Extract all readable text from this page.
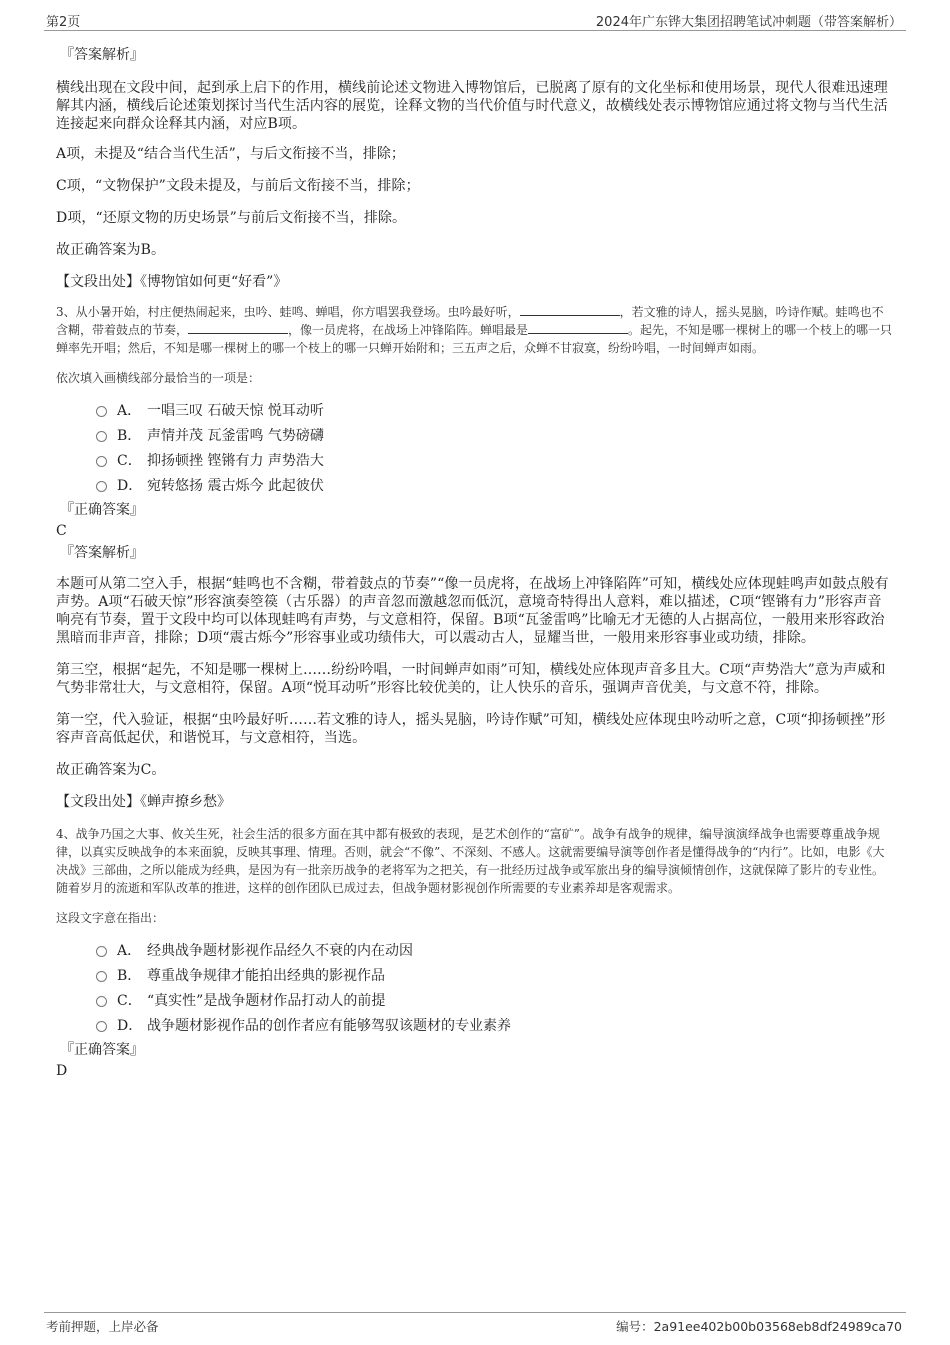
第2页	2024年广东铧大集团招聘笔试冲刺题（带答案解析）
『答案解析』

横线出现在文段中间，起到承上启下的作用，横线前论述文物进入博物馆后，已脱离了原有的文化坐标和使用场景，现代人很难迅速理解其内涵，横线后论述策划探讨当代生活内容的展览，诠释文物的当代价值与时代意义，故横线处表示博物馆应通过将文物与当代生活连接起来向群众诠释其内涵，对应B项。

A项，未提及“结合当代生活”，与后文衔接不当，排除；

C项，“文物保护”文段未提及，与前后文衔接不当，排除；

D项，“还原文物的历史场景”与前后文衔接不当，排除。

故正确答案为B。

【文段出处】《博物馆如何更“好看”》

3、从小暑开始，村庄便热闹起来，虫吟、蛙鸣、蝉唱，你方唱罢我登场。虫吟最好听，	，若文雅的诗人，摇头晃脑，吟诗作赋。蛙鸣也不含糊，带着鼓点的节奏，	，像一员虎将，在战场上冲锋陷阵。蝉唱最是	。起先，不知是哪一棵树上的哪一个枝上的哪一只蝉率先开唱；然后，不知是哪一棵树上的哪一个枝上的哪一只蝉开始附和；三五声之后，众蝉不甘寂寞，纷纷吟唱，一时间蝉声如雨。

依次填入画横线部分最恰当的一项是：

A． 一唱三叹 石破天惊 悦耳动听
B． 声情并茂 瓦釜雷鸣 气势磅礴
C． 抑扬顿挫 铿锵有力 声势浩大
D． 宛转悠扬 震古烁今 此起彼伏
『正确答案』

C

『答案解析』

本题可从第二空入手，根据“蛙鸣也不含糊，带着鼓点的节奏”“像一员虎将，在战场上冲锋陷阵”可知，横线处应体现蛙鸣声如鼓点般有声势。A项“石破天惊”形容演奏箜篌（古乐器）的声音忽而激越忽而低沉，意境奇特得出人意料，难以描述，C项“铿锵有力”形容声音响亮有节奏，置于文段中均可以体现蛙鸣有声势，与文意相符，保留。B项“瓦釜雷鸣”比喻无才无德的人占据高位，一般用来形容政治黑暗而非声音，排除；D项“震古烁今”形容事业或功绩伟大，可以震动古人，显耀当世，一般用来形容事业或功绩，排除。

第三空，根据“起先，不知是哪一棵树上……纷纷吟唱，一时间蝉声如雨”可知，横线处应体现声音多且大。C项“声势浩大”意为声威和气势非常壮大，与文意相符，保留。A项“悦耳动听”形容比较优美的，让人快乐的音乐，强调声音优美，与文意不符，排除。

第一空，代入验证，根据“虫吟最好听……若文雅的诗人，摇头晃脑，吟诗作赋”可知，横线处应体现虫吟动听之意，C项“抑扬顿挫”形容声音高低起伏，和谐悦耳，与文意相符，当选。

故正确答案为C。

【文段出处】《蝉声撩乡愁》

4、战争乃国之大事、攸关生死，社会生活的很多方面在其中都有极致的表现，是艺术创作的“富矿”。战争有战争的规律，编导演演绎战争也需要尊重战争规律，以真实反映战争的本来面貌，反映其事理、情理。否则，就会“不像”、不深刻、不感人。这就需要编导演等创作者是懂得战争的“内行”。比如，电影《大决战》三部曲，之所以能成为经典，是因为有一批亲历战争的老将军为之把关，有一批经历过战争或军旅出身的编导演倾情创作，这就保障了影片的专业性。随着岁月的流逝和军队改革的推进，这样的创作团队已成过去，但战争题材影视创作所需要的专业素养却是客观需求。

这段文字意在指出：

A． 经典战争题材影视作品经久不衰的内在动因
B． 尊重战争规律才能拍出经典的影视作品
C． “真实性”是战争题材作品打动人的前提
D． 战争题材影视作品的创作者应有能够驾驭该题材的专业素养
『正确答案』

D

考前押题，上岸必备	编号：2a91ee402b00b03568eb8df24989ca70
